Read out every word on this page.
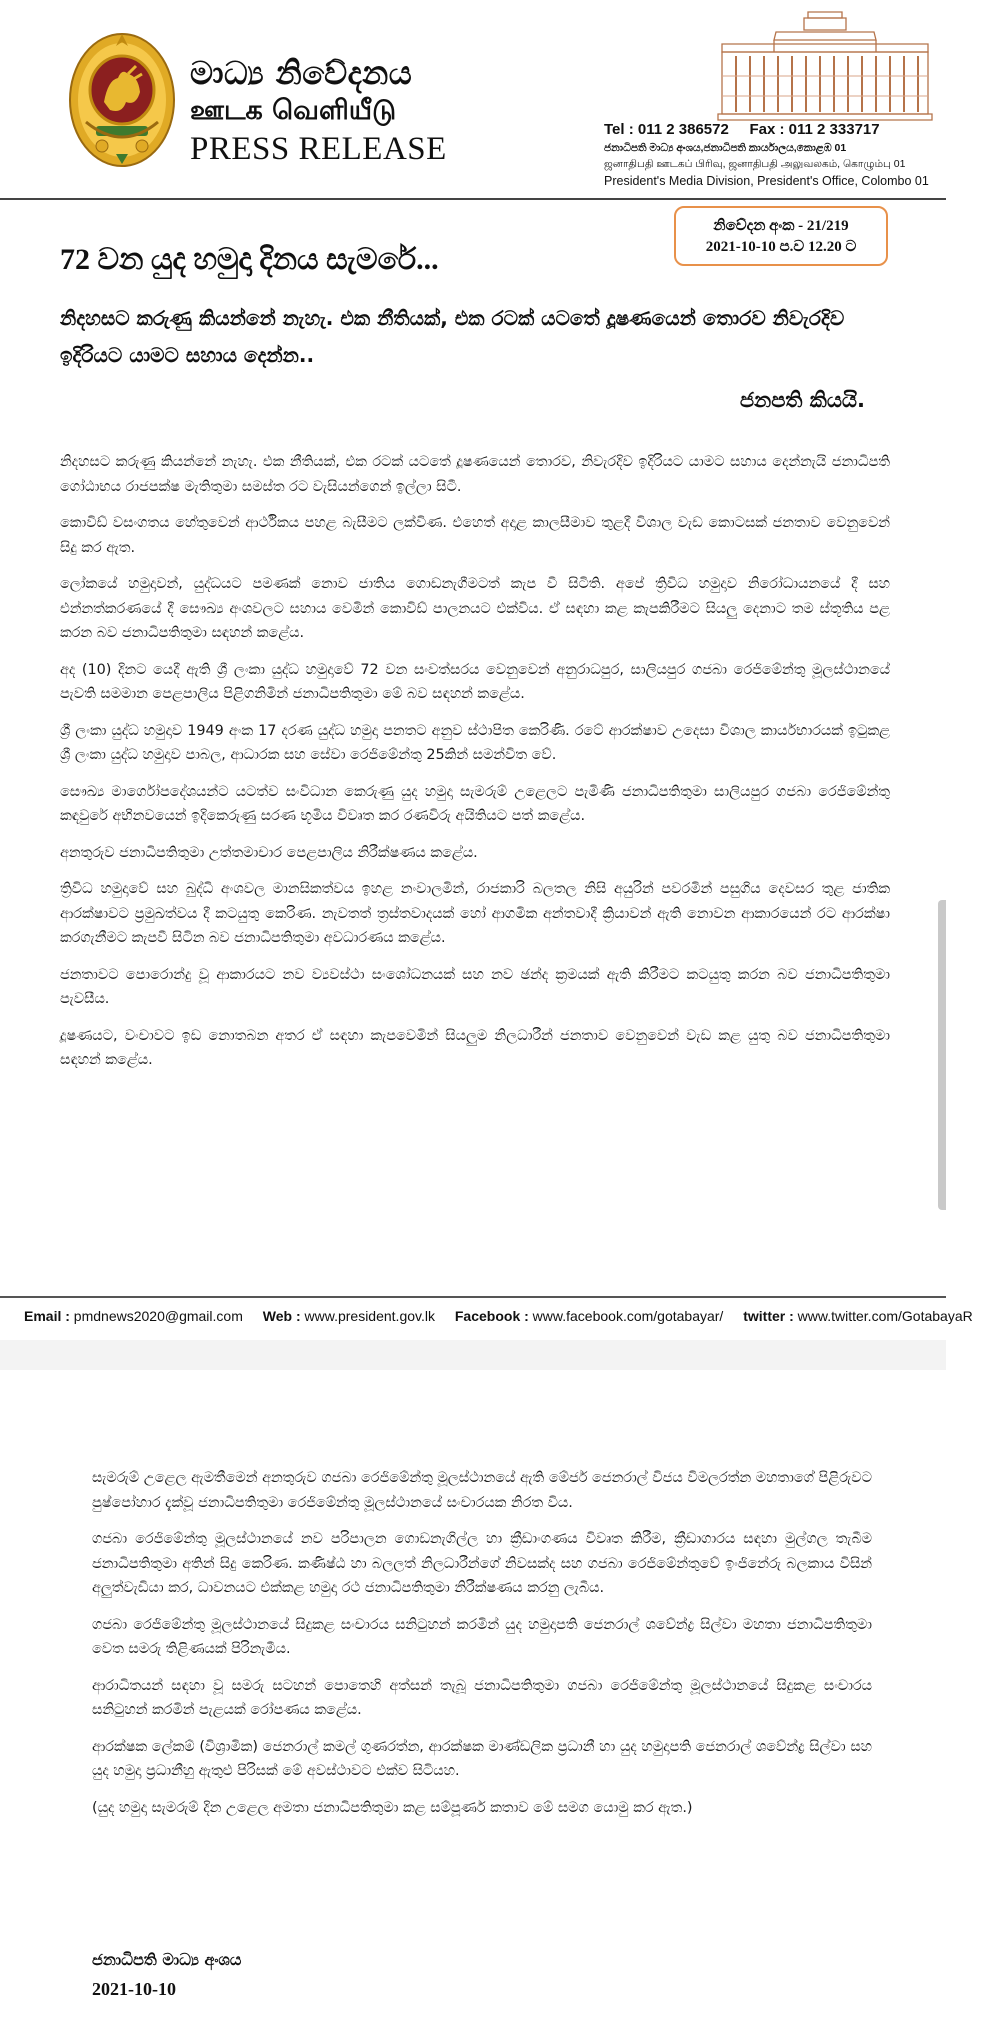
මාධ්‍ය නිවේදනය
ஊடக வெளியீடு
PRESS RELEASE
Tel : 011 2 386572 Fax : 011 2 333717
ජනාධිපති මාධ්‍ය අංශය,ජනාධිපති කාර්යාලය,කොළඹ 01
ஜனாதிபதி ஊடகப் பிரிவு, ஜனாதிபதி அலுவலகம், கொழும்பு 01
President's Media Division, President's Office, Colombo 01
නිවේදන අංක - 21/219
2021-10-10 ප.ව 12.20 ට
72 වන යුද හමුදා දිනය සැමරේ...
නිදහසට කරුණු කියන්නේ නැහැ. එක නීතියක්, එක රටක් යටතේ දූෂණයෙන් තොරව නිවැරදිව ඉදිරියට යාමට සහාය දෙන්න..
ජනපති කියයි.

නිදහසට කරුණු කියන්නේ නැහැ. එක නීතියක්, එක රටක් යටතේ දූෂණයෙන් තොරව, නිවැරදිව ඉදිරියට යාමට සහාය දෙන්නැයි ජනාධිපති ගෝඨාභය රාජපක්ෂ මැතිතුමා සමස්ත රට වැසියන්ගෙන් ඉල්ලා සිටී.

කොවිඩ් වසංගතය හේතුවෙන් ආර්ථිකය පහළ බැසීමට ලක්විණ. එහෙත් අදාළ කාලසීමාව තුළදී විශාල වැඩ කොටසක් ජනතාව වෙනුවෙන් සිදු කර ඇත.

ලෝකයේ හමුදාවන්, යුද්ධයට පමණක් නොව ජාතිය ගොඩනැගීමටත් කැප වී සිටිති. අපේ ත්‍රිවිධ හමුදාව නිරෝධායනයේ දී සහ එන්නත්කරණයේ දී සෞඛ්‍ය අංශවලට සහාය වෙමින් කොවිඩ් පාලනයට එක්විය. ඒ සඳහා කළ කැපකිරීමට සියලු දෙනාට තම ස්තූතිය පළ කරන බව ජනාධිපතිතුමා සඳහන් කළේය.

අද (10) දිනට යෙදී ඇති ශ්‍රී ලංකා යුද්ධ හමුදාවේ 72 වන සංවත්සරය වෙනුවෙන් අනුරාධපුර, සාලියපුර ගජබා රෙජිමේන්තු මූලස්ථානයේ පැවති සමමාන පෙළපාලිය පිළිගනිමින් ජනාධිපතිතුමා මේ බව සඳහන් කළේය.

ශ්‍රී ලංකා යුද්ධ හමුදාව 1949 අංක 17 දරණ යුද්ධ හමුදා පනතට අනුව ස්ථාපිත කෙරිණි. රටේ ආරක්ෂාව උදෙසා විශාල කාර්යභාරයක් ඉටුකළ ශ්‍රී ලංකා යුද්ධ හමුදාව පාබල, ආධාරක සහ සේවා රෙජිමේන්තු 25කින් සමන්විත වේ.

සෞඛ්‍ය මාර්ගෝපදේශයන්ට යටත්ව සංවිධාන කෙරුණු යුද හමුදා සැමරුම් උළෙලට පැමිණි ජනාධිපතිතුමා සාලියපුර ගජබා රෙජිමේන්තු කඳවුරේ අභිනවයෙන් ඉදිකෙරුණු සරණ භූමිය විවෘත කර රණවිරු අයිතියට පත් කළේය.

අනතුරුව ජනාධිපතිතුමා උත්තමාචාර පෙළපාලිය නිරීක්ෂණය කළේය.

ත්‍රිවිධ හමුදාවේ සහ බුද්ධි අංශවල මානසිකත්වය ඉහළ නංවාලමින්, රාජකාරි බලතල නිසි අයුරින් පවරමින් පසුගිය දෙවසර තුළ ජාතික ආරක්ෂාවට ප්‍රමුඛත්වය දී කටයුතු කෙරිණ. නැවතත් ත්‍රස්තවාදයක් හෝ ආගමික අන්තවාදී ක්‍රියාවන් ඇති නොවන ආකාරයෙන් රට ආරක්ෂා කරගැනීමට කැපවී සිටින බව ජනාධිපතිතුමා අවධාරණය කළේය.

ජනතාවට පොරොන්දු වූ ආකාරයට නව ව්‍යවස්ථා සංශෝධනයක් සහ නව ඡන්ද ක්‍රමයක් ඇති කිරීමට කටයුතු කරන බව ජනාධිපතිතුමා පැවසීය.

දූෂණයට, වංචාවට ඉඩ නොතබන අතර ඒ සඳහා කැපවෙමින් සියලුම නිලධාරීන් ජනතාව වෙනුවෙන් වැඩ කළ යුතු බව ජනාධිපතිතුමා සඳහන් කළේය.

Email : pmdnews2020@gmail.com Web : www.president.gov.lk Facebook : www.facebook.com/gotabayar/ twitter : www.twitter.com/GotabayaR

සැමරුම් උළෙල ඇමතීමෙන් අනතුරුව ගජබා රෙජිමේන්තු මූලස්ථානයේ ඇති මේජර් ජෙනරාල් විජය විමලරත්න මහතාගේ පිළිරුවට පුෂ්පෝහාර දැක්වූ ජනාධිපතිතුමා රෙජිමේන්තු මූලස්ථානයේ සංචාරයක නිරත විය.

ගජබා රෙජිමේන්තු මූලස්ථානයේ නව පරිපාලන ගොඩනැගිල්ල හා ක්‍රීඩාංගණය විවෘත කිරීම, ක්‍රීඩාගාරය සඳහා මුල්ගල තැබීම ජනාධිපතිතුමා අතින් සිදු කෙරිණ. කණිෂ්ඨ හා බලලත් නිලධාරීන්ගේ නිවසක්ද සහ ගජබා රෙජිමේන්තුවේ ඉංජිනේරු බලකාය විසින් අලුත්වැඩියා කර, ධාවනයට එක්කළ හමුදා රථ ජනාධිපතිතුමා නිරීක්ෂණය කරනු ලැබීය.

ගජබා රෙජිමේන්තු මූලස්ථානයේ සිදුකළ සංචාරය සනිටුහන් කරමින් යුද හමුදාපති ජෙනරාල් ශවේන්ද්‍ර සිල්වා මහතා ජනාධිපතිතුමා වෙත සමරු තිළිණයක් පිරිනැමීය.

ආරාධිතයන් සඳහා වූ සමරු සටහන් පොතෙහි අත්සන් තැබූ ජනාධිපතිතුමා ගජබා රෙජිමේන්තු මූලස්ථානයේ සිදුකළ සංචාරය සනිටුහන් කරමින් පැළයක් රෝපණය කළේය.

ආරක්ෂක ලේකම් (විශ්‍රාමික) ජෙනරාල් කමල් ගුණරත්න, ආරක්ෂක මාණ්ඩලික ප්‍රධානී හා යුද හමුදාපති ජෙනරාල් ශවේන්ද්‍ර සිල්වා සහ යුද හමුදා ප්‍රධානීහු ඇතුළු පිරිසක් මේ අවස්ථාවට එක්ව සිටියහ.

(යුද හමුදා සැමරුම් දින උළෙල අමතා ජනාධිපතිතුමා කළ සම්පූර්ණ කතාව මේ සමග යොමු කර ඇත.)

ජනාධිපති මාධ්‍ය අංශය
2021-10-10
